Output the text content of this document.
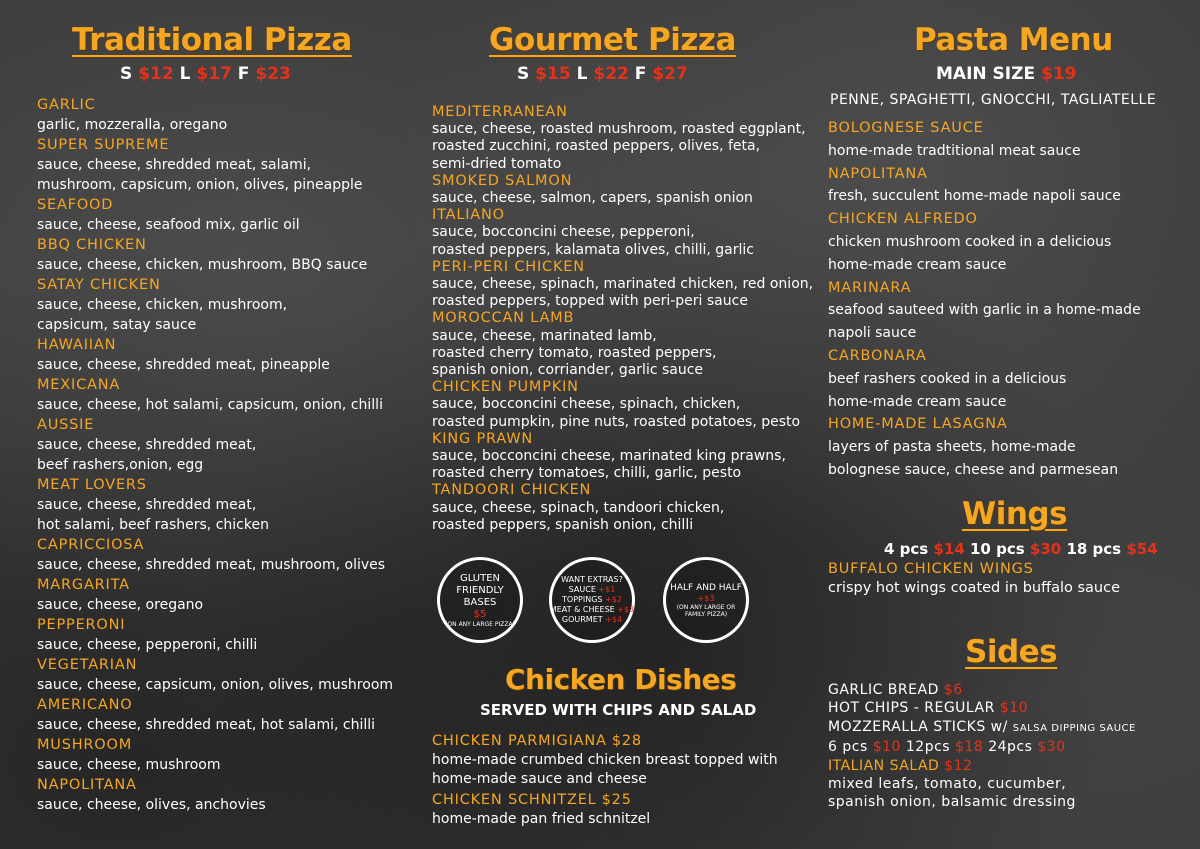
Traditional Pizza
S $12 L $17 F $23
GARLIC
garlic, mozzeralla, oregano
SUPER SUPREME
sauce, cheese, shredded meat, salami,
mushroom, capsicum, onion, olives, pineapple
SEAFOOD
sauce, cheese, seafood mix, garlic oil
BBQ CHICKEN
sauce, cheese, chicken, mushroom, BBQ sauce
SATAY CHICKEN
sauce, cheese, chicken, mushroom,
capsicum, satay sauce
HAWAIIAN
sauce, cheese, shredded meat, pineapple
MEXICANA
sauce, cheese, hot salami, capsicum, onion, chilli
AUSSIE
sauce, cheese, shredded meat,
beef rashers,onion, egg
MEAT LOVERS
sauce, cheese, shredded meat,
hot salami, beef rashers, chicken
CAPRICCIOSA
sauce, cheese, shredded meat, mushroom, olives
MARGARITA
sauce, cheese, oregano
PEPPERONI
sauce, cheese, pepperoni, chilli
VEGETARIAN
sauce, cheese, capsicum, onion, olives, mushroom
AMERICANO
sauce, cheese, shredded meat, hot salami, chilli
MUSHROOM
sauce, cheese, mushroom
NAPOLITANA
sauce, cheese, olives, anchovies
Gourmet Pizza
S $15 L $22 F $27
MEDITERRANEAN
sauce, cheese, roasted mushroom, roasted eggplant,
roasted zucchini, roasted peppers, olives, feta,
semi-dried tomato
SMOKED SALMON
sauce, cheese, salmon, capers, spanish onion
ITALIANO
sauce, bocconcini cheese, pepperoni,
roasted peppers, kalamata olives, chilli, garlic
PERI-PERI CHICKEN
sauce, cheese, spinach, marinated chicken, red onion,
roasted peppers, topped with peri-peri sauce
MOROCCAN LAMB
sauce, cheese, marinated lamb,
roasted cherry tomato, roasted peppers,
spanish onion, corriander, garlic sauce
CHICKEN PUMPKIN
sauce, bocconcini cheese, spinach, chicken,
roasted pumpkin, pine nuts, roasted potatoes, pesto
KING PRAWN
sauce, bocconcini cheese, marinated king prawns,
roasted cherry tomatoes, chilli, garlic, pesto
TANDOORI CHICKEN
sauce, cheese, spinach, tandoori chicken,
roasted peppers, spanish onion, chilli
GLUTEN
FRIENDLY
BASES
$5
(ON ANY LARGE PIZZA)
WANT EXTRAS?
SAUCE +$1
TOPPINGS +$2
MEAT & CHEESE +$3
GOURMET +$4
HALF AND HALF
+$3
(ON ANY LARGE OR
FAMILY PIZZA)
Chicken Dishes
SERVED WITH CHIPS AND SALAD
CHICKEN PARMIGIANA $28
home-made crumbed chicken breast topped with
home-made sauce and cheese
CHICKEN SCHNITZEL $25
home-made pan fried schnitzel
Pasta Menu
MAIN SIZE $19
PENNE, SPAGHETTI, GNOCCHI, TAGLIATELLE
BOLOGNESE SAUCE
home-made tradtitional meat sauce
NAPOLITANA
fresh, succulent home-made napoli sauce
CHICKEN ALFREDO
chicken mushroom cooked in a delicious
home-made cream sauce
MARINARA
seafood sauteed with garlic in a home-made
napoli sauce
CARBONARA
beef rashers cooked in a delicious
home-made cream sauce
HOME-MADE LASAGNA
layers of pasta sheets, home-made
bolognese sauce, cheese and parmesean
Wings
4 pcs $14 10 pcs $30 18 pcs $54
BUFFALO CHICKEN WINGS
crispy hot wings coated in buffalo sauce
Sides
GARLIC BREAD $6
HOT CHIPS - REGULAR $10
MOZZERALLA STICKS w/ SALSA DIPPING SAUCE
6 pcs $10 12pcs $18 24pcs $30
ITALIAN SALAD $12
mixed leafs, tomato, cucumber,
spanish onion, balsamic dressing
